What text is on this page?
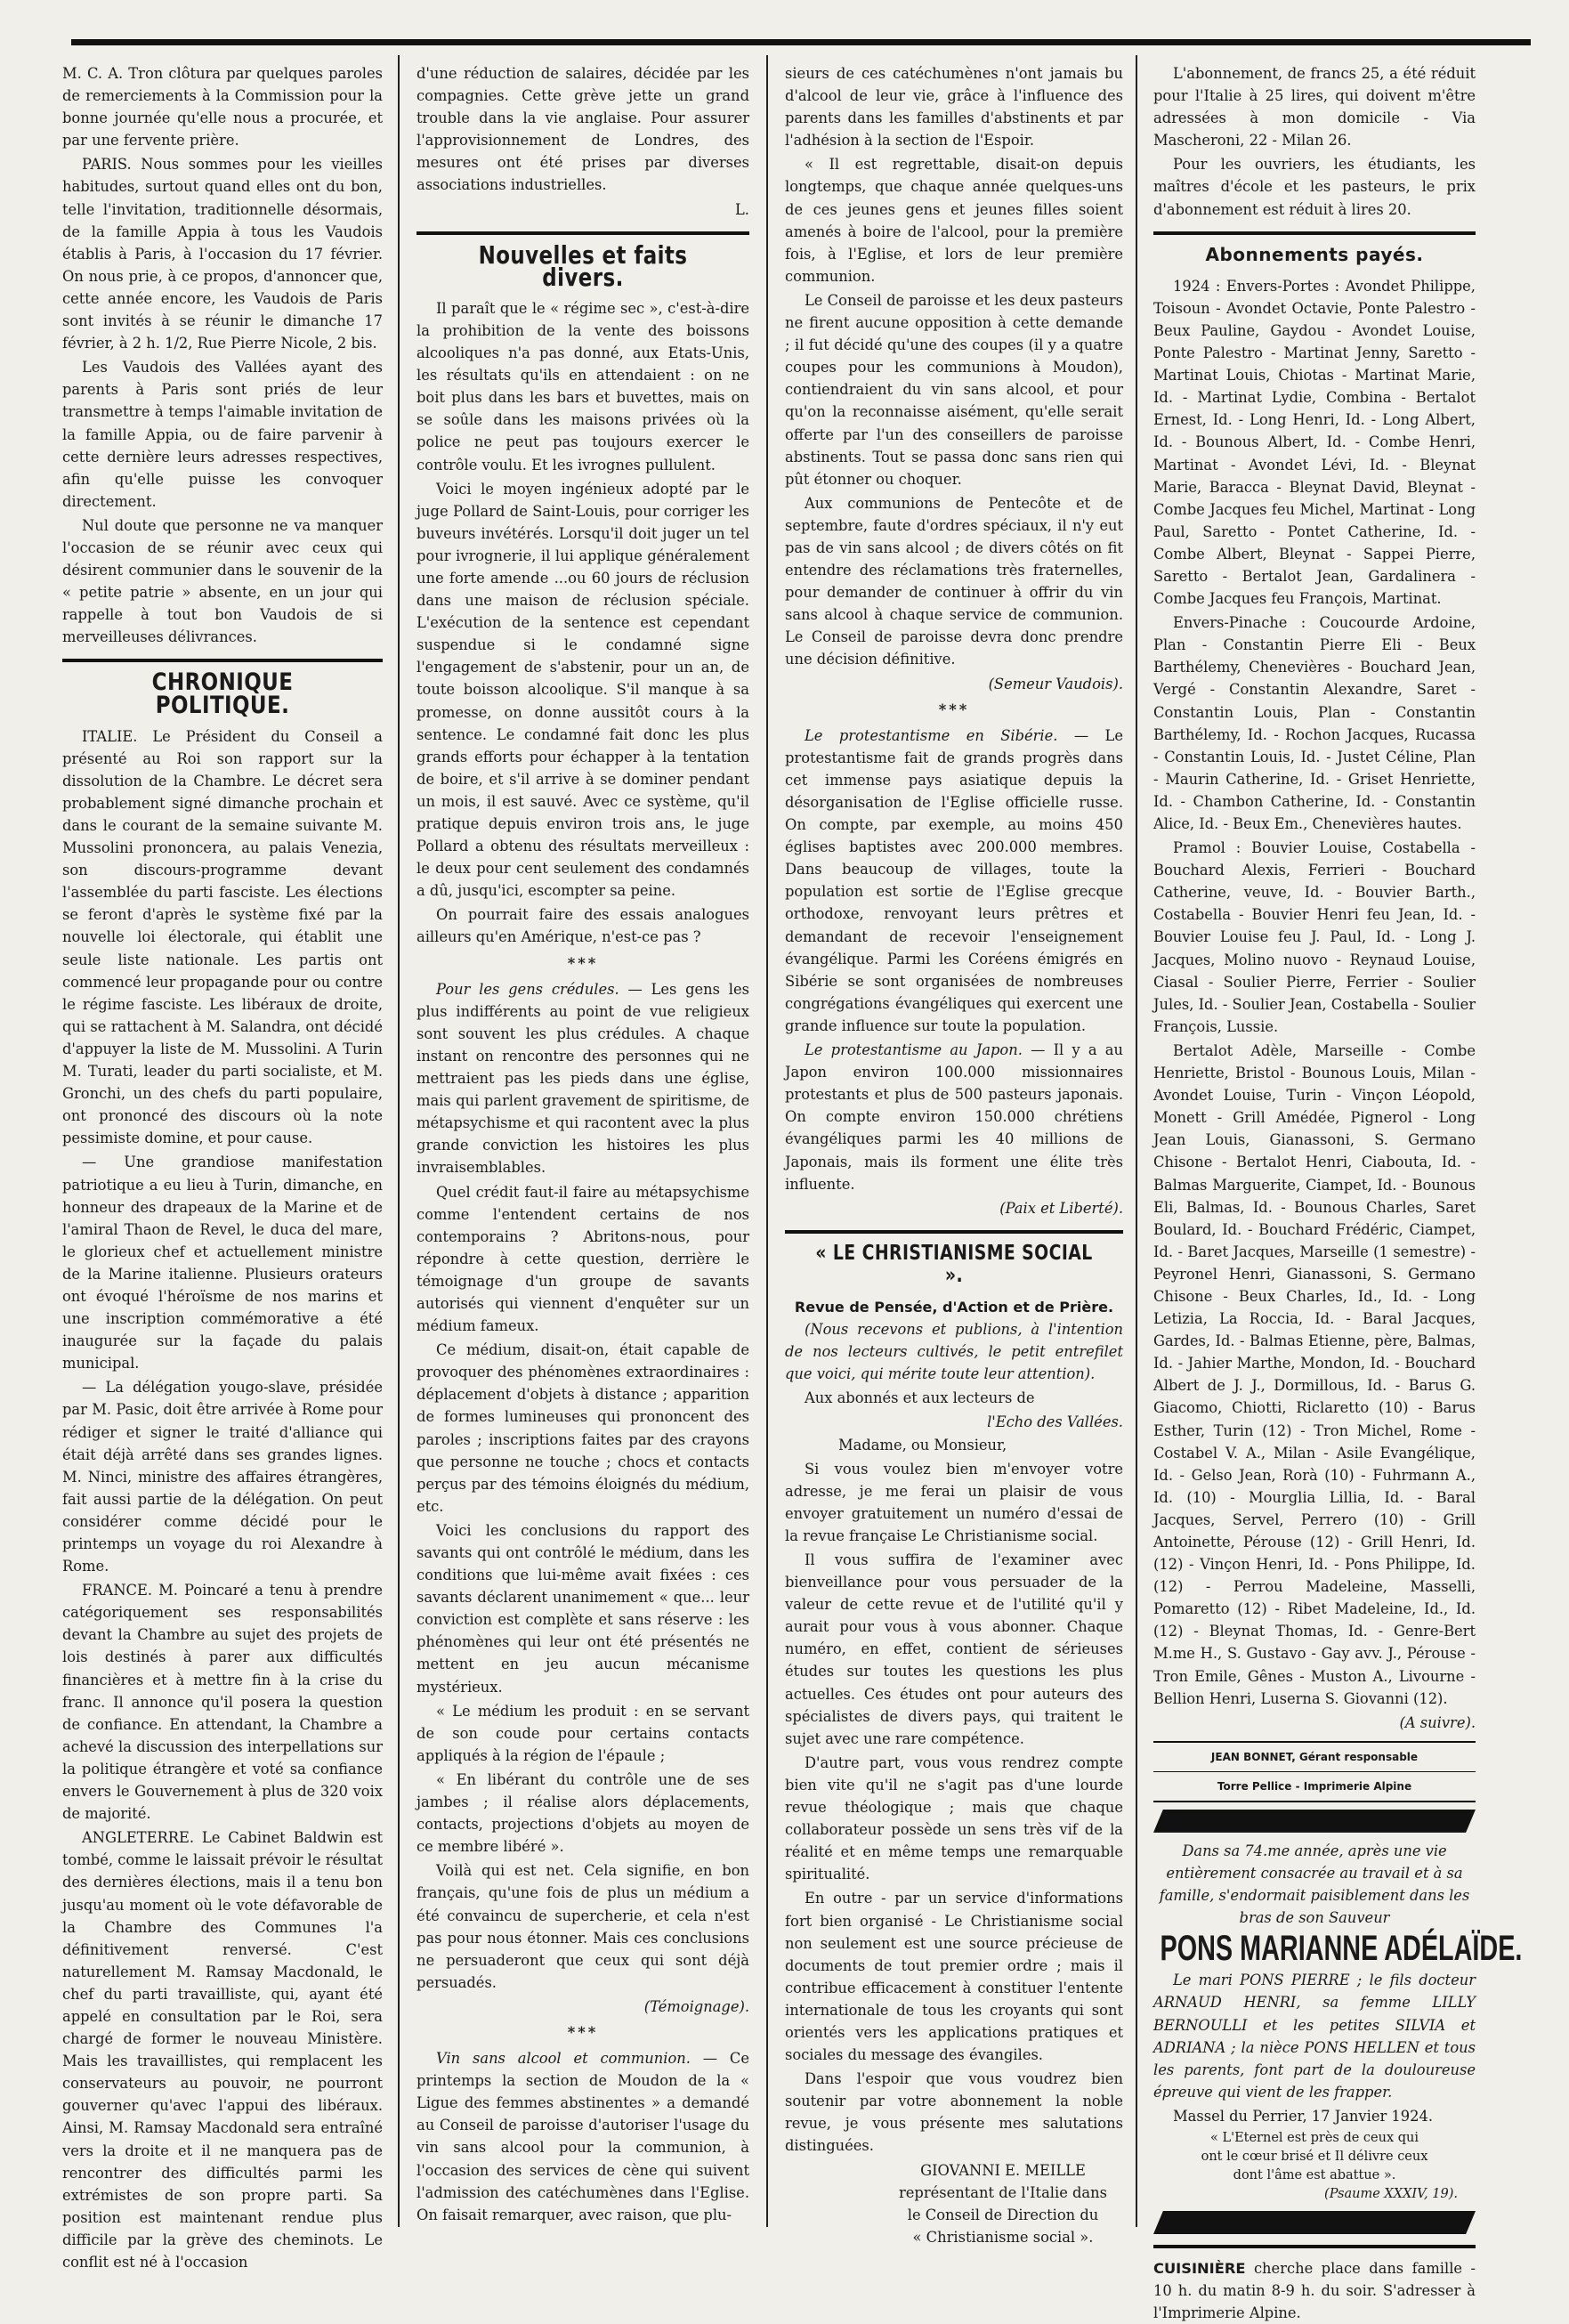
M. C. A. Tron clôtura par quelques paroles de remerciements à la Commission pour la bonne journée qu'elle nous a procurée, et par une fervente prière.

PARIS. Nous sommes pour les vieilles habitudes, surtout quand elles ont du bon, telle l'invitation, traditionnelle désormais, de la famille Appia à tous les Vaudois établis à Paris, à l'occasion du 17 février. On nous prie, à ce propos, d'annoncer que, cette année encore, les Vaudois de Paris sont invités à se réunir le dimanche 17 février, à 2 h. 1/2, Rue Pierre Nicole, 2 bis.

Les Vaudois des Vallées ayant des parents à Paris sont priés de leur transmettre à temps l'aimable invitation de la famille Appia, ou de faire parvenir à cette dernière leurs adresses respectives, afin qu'elle puisse les convoquer directement.

Nul doute que personne ne va manquer l'occasion de se réunir avec ceux qui désirent communier dans le souvenir de la « petite patrie » absente, en un jour qui rappelle à tout bon Vaudois de si merveilleuses délivrances.

CHRONIQUE POLITIQUE.

ITALIE. Le Président du Conseil a présenté au Roi son rapport sur la dissolution de la Chambre. Le décret sera probablement signé dimanche prochain et dans le courant de la semaine suivante M. Mussolini prononcera, au palais Venezia, son discours-programme devant l'assemblée du parti fasciste. Les élections se feront d'après le système fixé par la nouvelle loi électorale, qui établit une seule liste nationale. Les partis ont commencé leur propagande pour ou contre le régime fasciste. Les libéraux de droite, qui se rattachent à M. Salandra, ont décidé d'appuyer la liste de M. Mussolini. A Turin M. Turati, leader du parti socialiste, et M. Gronchi, un des chefs du parti populaire, ont prononcé des discours où la note pessimiste domine, et pour cause.

— Une grandiose manifestation patriotique a eu lieu à Turin, dimanche, en honneur des drapeaux de la Marine et de l'amiral Thaon de Revel, le duca del mare, le glorieux chef et actuellement ministre de la Marine italienne. Plusieurs orateurs ont évoqué l'héroïsme de nos marins et une inscription commémorative a été inaugurée sur la façade du palais municipal.

— La délégation yougo-slave, présidée par M. Pasic, doit être arrivée à Rome pour rédiger et signer le traité d'alliance qui était déjà arrêté dans ses grandes lignes. M. Ninci, ministre des affaires étrangères, fait aussi partie de la délégation. On peut considérer comme décidé pour le printemps un voyage du roi Alexandre à Rome.

FRANCE. M. Poincaré a tenu à prendre catégoriquement ses responsabilités devant la Chambre au sujet des projets de lois destinés à parer aux difficultés financières et à mettre fin à la crise du franc. Il annonce qu'il posera la question de confiance. En attendant, la Chambre a achevé la discussion des interpellations sur la politique étrangère et voté sa confiance envers le Gouvernement à plus de 320 voix de majorité.

ANGLETERRE. Le Cabinet Baldwin est tombé, comme le laissait prévoir le résultat des dernières élections, mais il a tenu bon jusqu'au moment où le vote défavorable de la Chambre des Communes l'a définitivement renversé. C'est naturellement M. Ramsay Macdonald, le chef du parti travailliste, qui, ayant été appelé en consultation par le Roi, sera chargé de former le nouveau Ministère. Mais les travaillistes, qui remplacent les conservateurs au pouvoir, ne pourront gouverner qu'avec l'appui des libéraux. Ainsi, M. Ramsay Macdonald sera entraîné vers la droite et il ne manquera pas de rencontrer des difficultés parmi les extrémistes de son propre parti. Sa position est maintenant rendue plus difficile par la grève des cheminots. Le conflit est né à l'occasion

d'une réduction de salaires, décidée par les compagnies. Cette grève jette un grand trouble dans la vie anglaise. Pour assurer l'approvisionnement de Londres, des mesures ont été prises par diverses associations industrielles.

L.
Nouvelles et faits divers.

Il paraît que le « régime sec », c'est-à-dire la prohibition de la vente des boissons alcooliques n'a pas donné, aux Etats-Unis, les résultats qu'ils en attendaient : on ne boit plus dans les bars et buvettes, mais on se soûle dans les maisons privées où la police ne peut pas toujours exercer le contrôle voulu. Et les ivrognes pullulent.

Voici le moyen ingénieux adopté par le juge Pollard de Saint-Louis, pour corriger les buveurs invétérés. Lorsqu'il doit juger un tel pour ivrognerie, il lui applique généralement une forte amende ...ou 60 jours de réclusion dans une maison de réclusion spéciale. L'exécution de la sentence est cependant suspendue si le condamné signe l'engagement de s'abstenir, pour un an, de toute boisson alcoolique. S'il manque à sa promesse, on donne aussitôt cours à la sentence. Le condamné fait donc les plus grands efforts pour échapper à la tentation de boire, et s'il arrive à se dominer pendant un mois, il est sauvé. Avec ce système, qu'il pratique depuis environ trois ans, le juge Pollard a obtenu des résultats merveilleux : le deux pour cent seulement des condamnés a dû, jusqu'ici, escompter sa peine.

On pourrait faire des essais analogues ailleurs qu'en Amérique, n'est-ce pas ?

***

Pour les gens crédules. — Les gens les plus indifférents au point de vue religieux sont souvent les plus crédules. A chaque instant on rencontre des personnes qui ne mettraient pas les pieds dans une église, mais qui parlent gravement de spiritisme, de métapsychisme et qui racontent avec la plus grande conviction les histoires les plus invraisemblables.

Quel crédit faut-il faire au métapsychisme comme l'entendent certains de nos contemporains ? Abritons-nous, pour répondre à cette question, derrière le témoignage d'un groupe de savants autorisés qui viennent d'enquêter sur un médium fameux.

Ce médium, disait-on, était capable de provoquer des phénomènes extraordinaires : déplacement d'objets à distance ; apparition de formes lumineuses qui prononcent des paroles ; inscriptions faites par des crayons que personne ne touche ; chocs et contacts perçus par des témoins éloignés du médium, etc.

Voici les conclusions du rapport des savants qui ont contrôlé le médium, dans les conditions que lui-même avait fixées : ces savants déclarent unanimement « que... leur conviction est complète et sans réserve : les phénomènes qui leur ont été présentés ne mettent en jeu aucun mécanisme mystérieux.

« Le médium les produit : en se servant de son coude pour certains contacts appliqués à la région de l'épaule ;

« En libérant du contrôle une de ses jambes ; il réalise alors déplacements, contacts, projections d'objets au moyen de ce membre libéré ».

Voilà qui est net. Cela signifie, en bon français, qu'une fois de plus un médium a été convaincu de supercherie, et cela n'est pas pour nous étonner. Mais ces conclusions ne persuaderont que ceux qui sont déjà persuadés.

(Témoignage).
***

Vin sans alcool et communion. — Ce printemps la section de Moudon de la « Ligue des femmes abstinentes » a demandé au Conseil de paroisse d'autoriser l'usage du vin sans alcool pour la communion, à l'occasion des services de cène qui suivent l'admission des catéchumènes dans l'Eglise. On faisait remarquer, avec raison, que plu-

sieurs de ces catéchumènes n'ont jamais bu d'alcool de leur vie, grâce à l'influence des parents dans les familles d'abstinents et par l'adhésion à la section de l'Espoir.

« Il est regrettable, disait-on depuis longtemps, que chaque année quelques-uns de ces jeunes gens et jeunes filles soient amenés à boire de l'alcool, pour la première fois, à l'Eglise, et lors de leur première communion.

Le Conseil de paroisse et les deux pasteurs ne firent aucune opposition à cette demande ; il fut décidé qu'une des coupes (il y a quatre coupes pour les communions à Moudon), contiendraient du vin sans alcool, et pour qu'on la reconnaisse aisément, qu'elle serait offerte par l'un des conseillers de paroisse abstinents. Tout se passa donc sans rien qui pût étonner ou choquer.

Aux communions de Pentecôte et de septembre, faute d'ordres spéciaux, il n'y eut pas de vin sans alcool ; de divers côtés on fit entendre des réclamations très fraternelles, pour demander de continuer à offrir du vin sans alcool à chaque service de communion. Le Conseil de paroisse devra donc prendre une décision définitive.

(Semeur Vaudois).
***

Le protestantisme en Sibérie. — Le protestantisme fait de grands progrès dans cet immense pays asiatique depuis la désorganisation de l'Eglise officielle russe. On compte, par exemple, au moins 450 églises baptistes avec 200.000 membres. Dans beaucoup de villages, toute la population est sortie de l'Eglise grecque orthodoxe, renvoyant leurs prêtres et demandant de recevoir l'enseignement évangélique. Parmi les Coréens émigrés en Sibérie se sont organisées de nombreuses congrégations évangéliques qui exercent une grande influence sur toute la population.

Le protestantisme au Japon. — Il y a au Japon environ 100.000 missionnaires protestants et plus de 500 pasteurs japonais. On compte environ 150.000 chrétiens évangéliques parmi les 40 millions de Japonais, mais ils forment une élite très influente.

(Paix et Liberté).
« LE CHRISTIANISME SOCIAL ».
Revue de Pensée, d'Action et de Prière.

(Nous recevons et publions, à l'intention de nos lecteurs cultivés, le petit entrefilet que voici, qui mérite toute leur attention).

Aux abonnés et aux lecteurs de

l'Echo des Vallées.

Madame, ou Monsieur,

Si vous voulez bien m'envoyer votre adresse, je me ferai un plaisir de vous envoyer gratuitement un numéro d'essai de la revue française Le Christianisme social.

Il vous suffira de l'examiner avec bienveillance pour vous persuader de la valeur de cette revue et de l'utilité qu'il y aurait pour vous à vous abonner. Chaque numéro, en effet, contient de sérieuses études sur toutes les questions les plus actuelles. Ces études ont pour auteurs des spécialistes de divers pays, qui traitent le sujet avec une rare compétence.

D'autre part, vous vous rendrez compte bien vite qu'il ne s'agit pas d'une lourde revue théologique ; mais que chaque collaborateur possède un sens très vif de la réalité et en même temps une remarquable spiritualité.

En outre - par un service d'informations fort bien organisé - Le Christianisme social non seulement est une source précieuse de documents de tout premier ordre ; mais il contribue efficacement à constituer l'entente internationale de tous les croyants qui sont orientés vers les applications pratiques et sociales du message des évangiles.

Dans l'espoir que vous voudrez bien soutenir par votre abonnement la noble revue, je vous présente mes salutations distinguées.

GIOVANNI E. MEILLE
représentant de l'Italie dans
le Conseil de Direction du
« Christianisme social ».

L'abonnement, de francs 25, a été réduit pour l'Italie à 25 lires, qui doivent m'être adressées à mon domicile - Via Mascheroni, 22 - Milan 26.

Pour les ouvriers, les étudiants, les maîtres d'école et les pasteurs, le prix d'abonnement est réduit à lires 20.

Abonnements payés.

1924 : Envers-Portes : Avondet Philippe, Toisoun - Avondet Octavie, Ponte Palestro - Beux Pauline, Gaydou - Avondet Louise, Ponte Palestro - Martinat Jenny, Saretto - Martinat Louis, Chiotas - Martinat Marie, Id. - Martinat Lydie, Combina - Bertalot Ernest, Id. - Long Henri, Id. - Long Albert, Id. - Bounous Albert, Id. - Combe Henri, Martinat - Avondet Lévi, Id. - Bleynat Marie, Baracca - Bleynat David, Bleynat - Combe Jacques feu Michel, Martinat - Long Paul, Saretto - Pontet Catherine, Id. - Combe Albert, Bleynat - Sappei Pierre, Saretto - Bertalot Jean, Gardalinera - Combe Jacques feu François, Martinat.

Envers-Pinache : Coucourde Ardoine, Plan - Constantin Pierre Eli - Beux Barthélemy, Chenevières - Bouchard Jean, Vergé - Constantin Alexandre, Saret - Constantin Louis, Plan - Constantin Barthélemy, Id. - Rochon Jacques, Rucassa - Constantin Louis, Id. - Justet Céline, Plan - Maurin Catherine, Id. - Griset Henriette, Id. - Chambon Catherine, Id. - Constantin Alice, Id. - Beux Em., Chenevières hautes.

Pramol : Bouvier Louise, Costabella - Bouchard Alexis, Ferrieri - Bouchard Catherine, veuve, Id. - Bouvier Barth., Costabella - Bouvier Henri feu Jean, Id. - Bouvier Louise feu J. Paul, Id. - Long J. Jacques, Molino nuovo - Reynaud Louise, Ciasal - Soulier Pierre, Ferrier - Soulier Jules, Id. - Soulier Jean, Costabella - Soulier François, Lussie.

Bertalot Adèle, Marseille - Combe Henriette, Bristol - Bounous Louis, Milan - Avondet Louise, Turin - Vinçon Léopold, Monett - Grill Amédée, Pignerol - Long Jean Louis, Gianassoni, S. Germano Chisone - Bertalot Henri, Ciabouta, Id. - Balmas Marguerite, Ciampet, Id. - Bounous Eli, Balmas, Id. - Bounous Charles, Saret Boulard, Id. - Bouchard Frédéric, Ciampet, Id. - Baret Jacques, Marseille (1 semestre) - Peyronel Henri, Gianassoni, S. Germano Chisone - Beux Charles, Id., Id. - Long Letizia, La Roccia, Id. - Baral Jacques, Gardes, Id. - Balmas Etienne, père, Balmas, Id. - Jahier Marthe, Mondon, Id. - Bouchard Albert de J. J., Dormillous, Id. - Barus G. Giacomo, Chiotti, Riclaretto (10) - Barus Esther, Turin (12) - Tron Michel, Rome - Costabel V. A., Milan - Asile Evangélique, Id. - Gelso Jean, Rorà (10) - Fuhrmann A., Id. (10) - Mourglia Lillia, Id. - Baral Jacques, Servel, Perrero (10) - Grill Antoinette, Pérouse (12) - Grill Henri, Id. (12) - Vinçon Henri, Id. - Pons Philippe, Id. (12) - Perrou Madeleine, Masselli, Pomaretto (12) - Ribet Madeleine, Id., Id. (12) - Bleynat Thomas, Id. - Genre-Bert M.me H., S. Gustavo - Gay avv. J., Pérouse - Tron Emile, Gênes - Muston A., Livourne - Bellion Henri, Luserna S. Giovanni (12).

(A suivre).
JEAN BONNET, Gérant responsable
Torre Pellice - Imprimerie Alpine

Dans sa 74.me année, après une vie entièrement consacrée au travail et à sa famille, s'endormait paisiblement dans les bras de son Sauveur

PONS MARIANNE ADÉLAÏDE.

Le mari PONS PIERRE ; le fils docteur ARNAUD HENRI, sa femme LILLY BERNOULLI et les petites SILVIA et ADRIANA ; la nièce PONS HELLEN et tous les parents, font part de la douloureuse épreuve qui vient de les frapper.

Massel du Perrier, 17 Janvier 1924.

« L'Eternel est près de ceux qui
ont le cœur brisé et Il délivre ceux
dont l'âme est abattue ».
(Psaume XXXIV, 19).

CUISINIÈRE cherche place dans famille - 10 h. du matin 8-9 h. du soir. S'adresser à l'Imprimerie Alpine.
